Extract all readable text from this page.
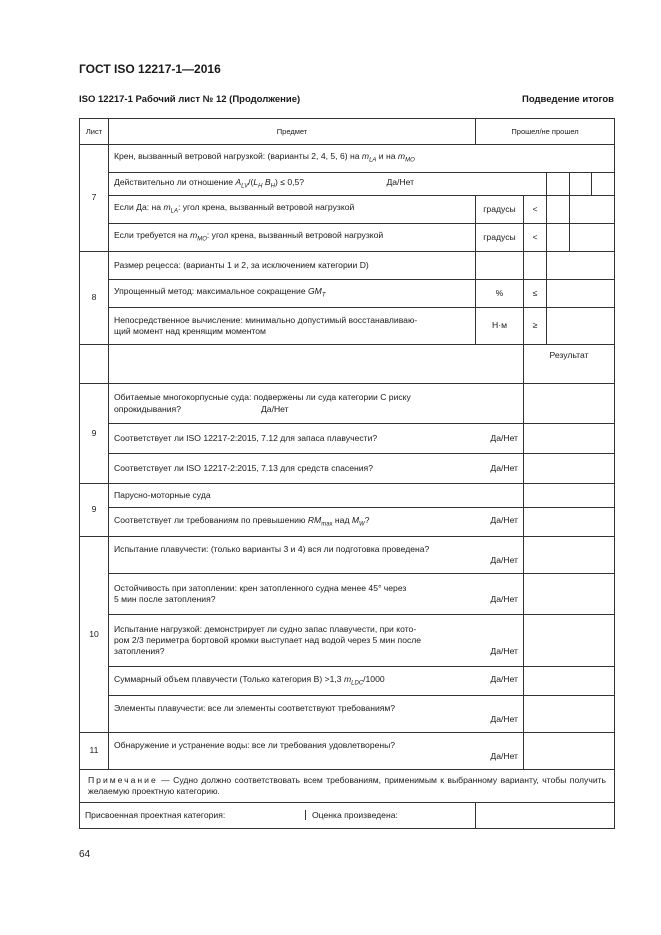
ГОСТ ISO 12217-1—2016
ISO 12217-1 Рабочий лист № 12 (Продолжение)	Подведение итогов
Лист	Предмет	Прошел/не прошел				
7	Крен, вызванный ветровой нагрузкой: (варианты 2, 4, 5, 6) на $m_{LA}$ и на $m_{MO}$
	Действительно ли отношение $A_{LV}/(L_H$ $B_H) \le 0,5$? Да/Нет					
	Если Да: на $m_{LA}$: угол крена, вызванный ветровой нагрузкой	градусы	<			
	Если требуется на $m_{MO}$: угол крена, вызванный ветровой нагрузкой	градусы	<			
8	Размер рецесса: (варианты 1 и 2, за исключением категории D)					
	Упрощенный метод: максимальное сокращение $GM_T$	%	≤			

	Непосредственное вычисление: минимально допустимый восстанавливаю-
щий момент над кренящим моментом	Н·м	≥			
			Результат			
9	Обитаемые многокорпусные суда: подвержены ли суда категории С риску
опрокидывания? Да/Нет					
	Соответствует ли ISO 12217-2:2015, 7.12 для запаса плавучести? Да/Нет					

	Соответствует ли ISO 12217-2:2015, 7.13 для средств спасения? Да/Нет					

9	Парусно-моторные суда					
	Соответствует ли требованиям по превышению $RM_{max}$ над $M_W$? Да/Нет					

10	Испытание плавучести: (только варианты 3 и 4) вся ли подготовка проведена?
Да/Нет					

	Остойчивость при затоплении: крен затопленного судна менее 45° через
5 мин после затопления? Да/Нет					

	Испытание нагрузкой: демонстрирует ли судно запас плавучести, при кото-
ром 2/3 периметра бортовой кромки выступает над водой через 5 мин после
затопления? Да/Нет					

	Суммарный объем плавучести (Только категория В) >1,3 $m_{LDC}/1000$ Да/Нет					

	Элементы плавучести: все ли элементы соответствуют требованиям?
Да/Нет					

11	Обнаружение и устранение воды: все ли требования удовлетворены?
Да/Нет					

Примечание — Судно должно соответствовать всем требованиям, применимым к выбранному варианту, чтобы получить желаемую проектную категорию.						
Присвоенная проектная категория: Оценка произведена:						
64
